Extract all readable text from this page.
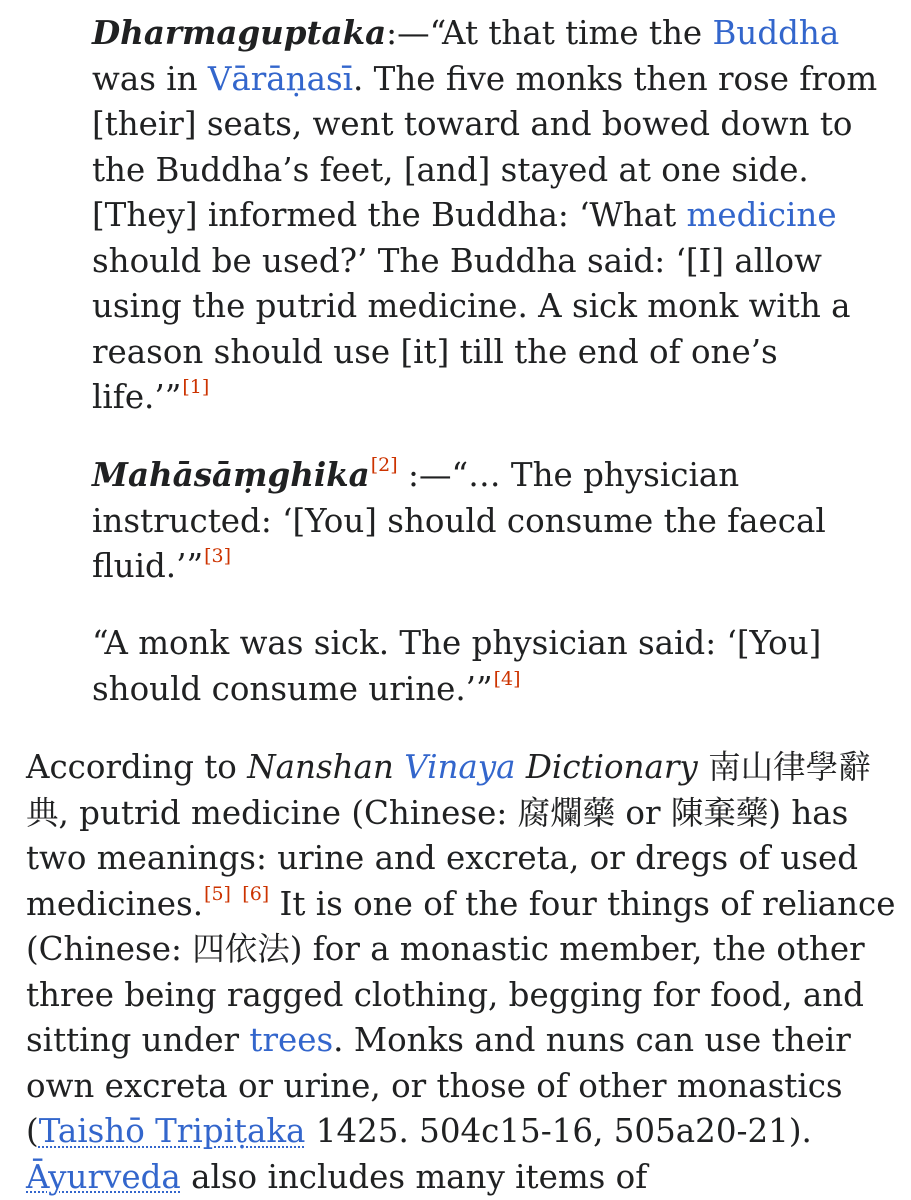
Dharmaguptaka:—“At that time the Buddha was in Vārāṇasī. The five monks then rose from [their] seats, went toward and bowed down to the Buddha’s feet, [and] stayed at one side. [They] informed the Buddha: ‘What medicine should be used?’ The Buddha said: ‘[I] allow using the putrid medicine. A sick monk with a reason should use [it] till the end of one’s life.’”[1]

Mahāsāṃghika[2] :—“… The physician instructed: ‘[You] should consume the faecal fluid.’”[3]

“A monk was sick. The physician said: ‘[You] should consume urine.’”[4]

According to Nanshan Vinaya Dictionary 南山律學辭典, putrid medicine (Chinese: 腐爛藥 or 陳棄藥) has two meanings: urine and excreta, or dregs of used medicines.[5] [6] It is one of the four things of reliance (Chinese: 四依法) for a monastic member, the other three being ragged clothing, begging for food, and sitting under trees. Monks and nuns can use their own excreta or urine, or those of other monastics (Taishō Tripiṭaka 1425. 504c15-16, 505a20-21). Āyurveda also includes many items of
